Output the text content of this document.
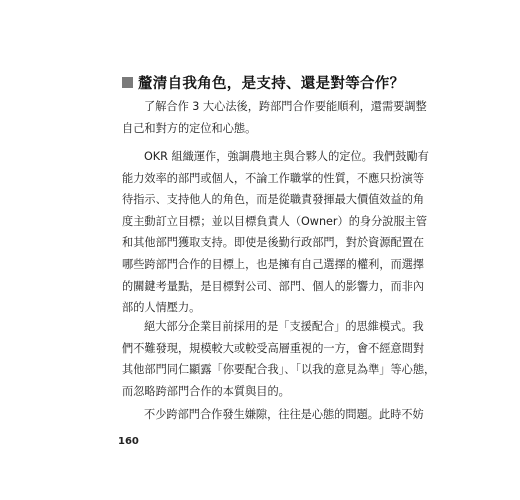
釐清自我角色，是支持、還是對等合作？

了解合作 3 大心法後，跨部門合作要能順利，還需要調整
自己和對方的定位和心態。

OKR 組織運作，強調農地主與合夥人的定位。我們鼓勵有
能力效率的部門或個人，不論工作職掌的性質，不應只扮演等
待指示、支持他人的角色，而是從職責發揮最大價值效益的角
度主動訂立目標；並以目標負責人（Owner）的身分說服主管
和其他部門獲取支持。即使是後勤行政部門，對於資源配置在
哪些跨部門合作的目標上，也是擁有自己選擇的權利，而選擇
的關鍵考量點，是目標對公司、部門、個人的影響力，而非內
部的人情壓力。

絕大部分企業目前採用的是「支援配合」的思維模式。我
們不難發現，規模較大或較受高層重視的一方，會不經意間對
其他部門同仁顯露「你要配合我」、「以我的意見為準」等心態，
而忽略跨部門合作的本質與目的。

不少跨部門合作發生嫌隙，往往是心態的問題。此時不妨

160
